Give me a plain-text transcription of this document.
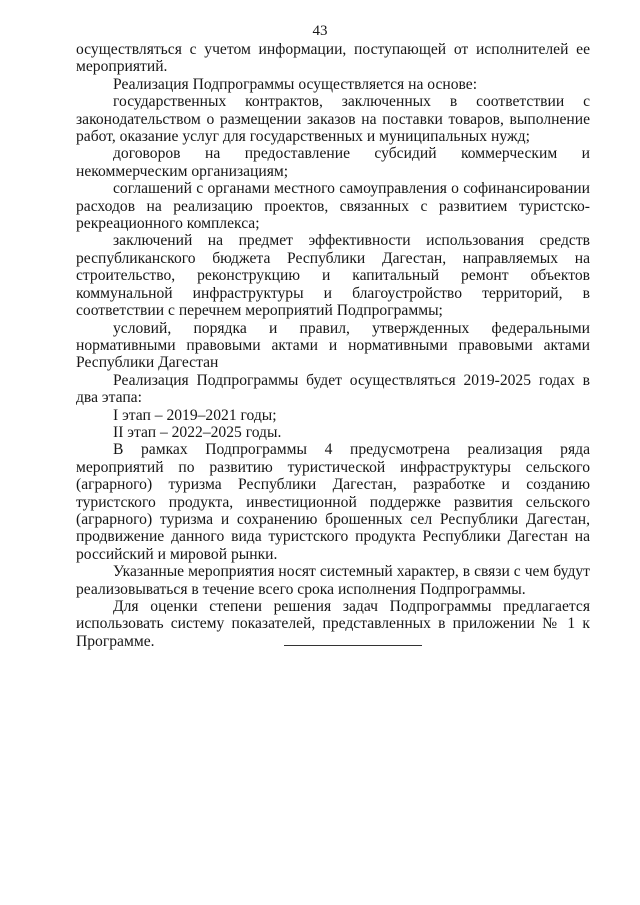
43

осуществляться с учетом информации, поступающей от исполнителей ее мероприятий.

Реализация Подпрограммы осуществляется на основе:

государственных контрактов, заключенных в соответствии с законодательством о размещении заказов на поставки товаров, выполнение работ, оказание услуг для государственных и муниципальных нужд;

договоров на предоставление субсидий коммерческим и некоммерческим организациям;

соглашений с органами местного самоуправления о софинансировании расходов на реализацию проектов, связанных с развитием туристско-рекреационного комплекса;

заключений на предмет эффективности использования средств республиканского бюджета Республики Дагестан, направляемых на строительство, реконструкцию и капитальный ремонт объектов коммунальной инфраструктуры и благоустройство территорий, в соответствии с перечнем мероприятий Подпрограммы;

условий, порядка и правил, утвержденных федеральными нормативными правовыми актами и нормативными правовыми актами Республики Дагестан

Реализация Подпрограммы будет осуществляться 2019-2025 годах в два этапа:

I этап – 2019–2021 годы;

II этап – 2022–2025 годы.

В рамках Подпрограммы 4 предусмотрена реализация ряда мероприятий по развитию туристической инфраструктуры сельского (аграрного) туризма Республики Дагестан, разработке и созданию туристского продукта, инвестиционной поддержке развития сельского (аграрного) туризма и сохранению брошенных сел Республики Дагестан, продвижение данного вида туристского продукта Республики Дагестан на российский и мировой рынки.

Указанные мероприятия носят системный характер, в связи с чем будут реализовываться в течение всего срока исполнения Подпрограммы.

Для оценки степени решения задач Подпрограммы предлагается использовать систему показателей, представленных в приложении № 1 к Программе.
